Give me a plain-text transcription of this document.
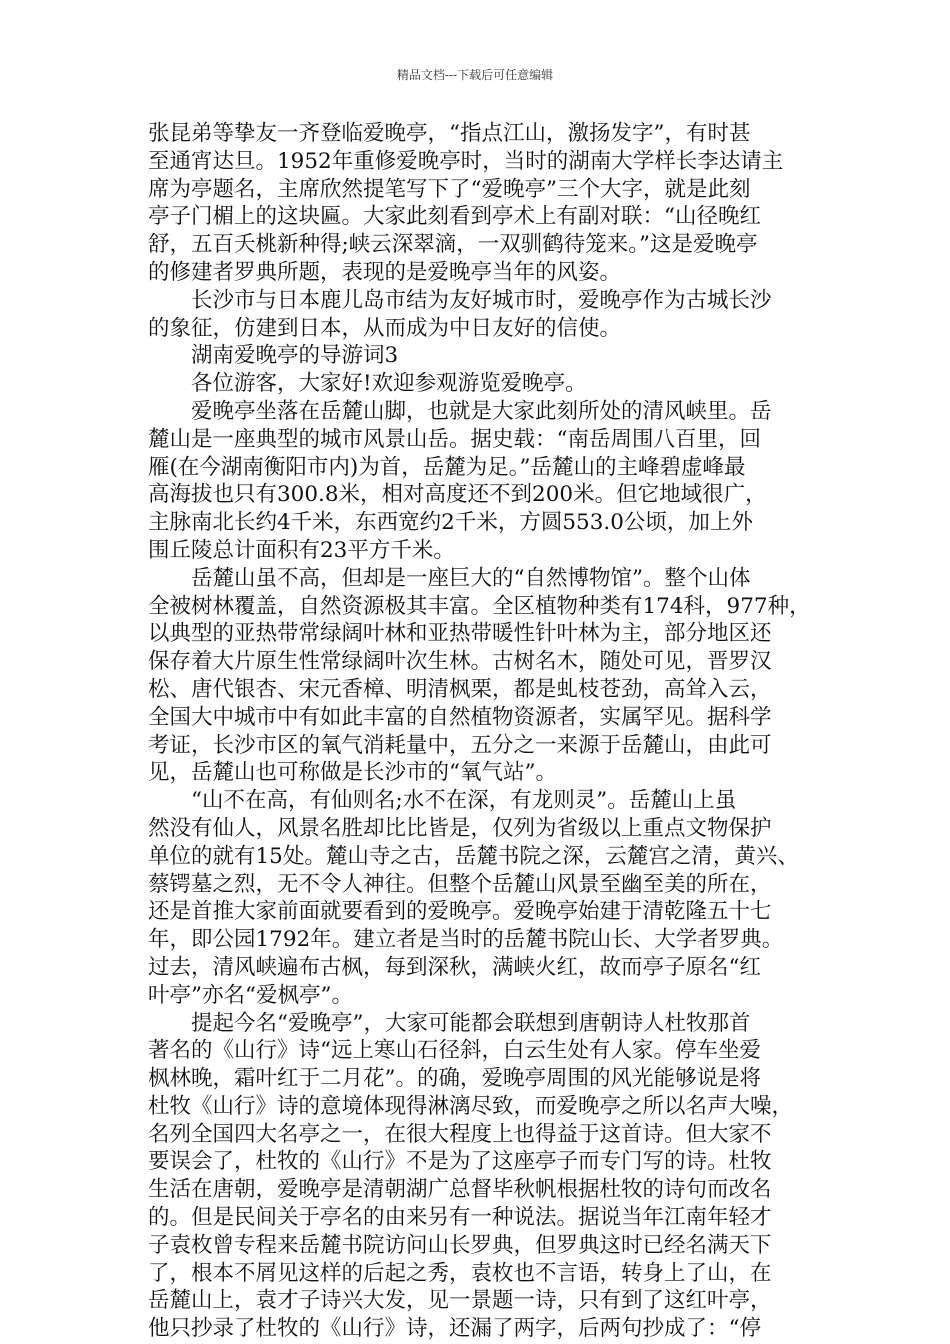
精品文档---下载后可任意编辑
张昆弟等挚友一齐登临爱晚亭，“指点江山，激扬发字”，有时甚
至通宵达旦。1952年重修爱晚亭时，当时的湖南大学样长李达请主
席为亭题名，主席欣然提笔写下了“爱晚亭”三个大字，就是此刻
亭子门楣上的这块匾。大家此刻看到亭术上有副对联：“山径晚红
舒，五百夭桃新种得;峡云深翠滴，一双驯鹤待笼来。”这是爱晚亭
的修建者罗典所题，表现的是爱晚亭当年的风姿。
　　长沙市与日本鹿儿岛市结为友好城市时，爱晚亭作为古城长沙
的象征，仿建到日本，从而成为中日友好的信使。
　　湖南爱晚亭的导游词3
　　各位游客，大家好!欢迎参观游览爱晚亭。
　　爱晚亭坐落在岳麓山脚，也就是大家此刻所处的清风峡里。岳
麓山是一座典型的城市风景山岳。据史载：“南岳周围八百里，回
雁(在今湖南衡阳市内)为首，岳麓为足。”岳麓山的主峰碧虚峰最
高海拔也只有300.8米，相对高度还不到200米。但它地域很广，
主脉南北长约4千米，东西宽约2千米，方圆553.0公顷，加上外
围丘陵总计面积有23平方千米。
　　岳麓山虽不高，但却是一座巨大的“自然博物馆”。整个山体
全被树林覆盖，自然资源极其丰富。全区植物种类有174科，977种，
以典型的亚热带常绿阔叶林和亚热带暖性针叶林为主，部分地区还
保存着大片原生性常绿阔叶次生林。古树名木，随处可见，晋罗汉
松、唐代银杏、宋元香樟、明清枫栗，都是虬枝苍劲，高耸入云，
全国大中城市中有如此丰富的自然植物资源者，实属罕见。据科学
考证，长沙市区的氧气消耗量中，五分之一来源于岳麓山，由此可
见，岳麓山也可称做是长沙市的“氧气站”。
　　“山不在高，有仙则名;水不在深，有龙则灵”。岳麓山上虽
然没有仙人，风景名胜却比比皆是，仅列为省级以上重点文物保护
单位的就有15处。麓山寺之古，岳麓书院之深，云麓宫之清，黄兴、
蔡锷墓之烈，无不令人神往。但整个岳麓山风景至幽至美的所在，
还是首推大家前面就要看到的爱晚亭。爱晚亭始建于清乾隆五十七
年，即公园1792年。建立者是当时的岳麓书院山长、大学者罗典。
过去，清风峡遍布古枫，每到深秋，满峡火红，故而亭子原名“红
叶亭”亦名“爱枫亭”。
　　提起今名“爱晚亭”，大家可能都会联想到唐朝诗人杜牧那首
著名的《山行》诗“远上寒山石径斜，白云生处有人家。停车坐爱
枫林晚，霜叶红于二月花”。的确，爱晚亭周围的风光能够说是将
杜牧《山行》诗的意境体现得淋漓尽致，而爱晚亭之所以名声大噪，
名列全国四大名亭之一，在很大程度上也得益于这首诗。但大家不
要误会了，杜牧的《山行》不是为了这座亭子而专门写的诗。杜牧
生活在唐朝，爱晚亭是清朝湖广总督毕秋帆根据杜牧的诗句而改名
的。但是民间关于亭名的由来另有一种说法。据说当年江南年轻才
子袁枚曾专程来岳麓书院访问山长罗典，但罗典这时已经名满天下
了，根本不屑见这样的后起之秀，袁枚也不言语，转身上了山，在
岳麓山上，袁才子诗兴大发，见一景题一诗，只有到了这红叶亭，
他只抄录了杜牧的《山行》诗，还漏了两字，后两句抄成了：“停
